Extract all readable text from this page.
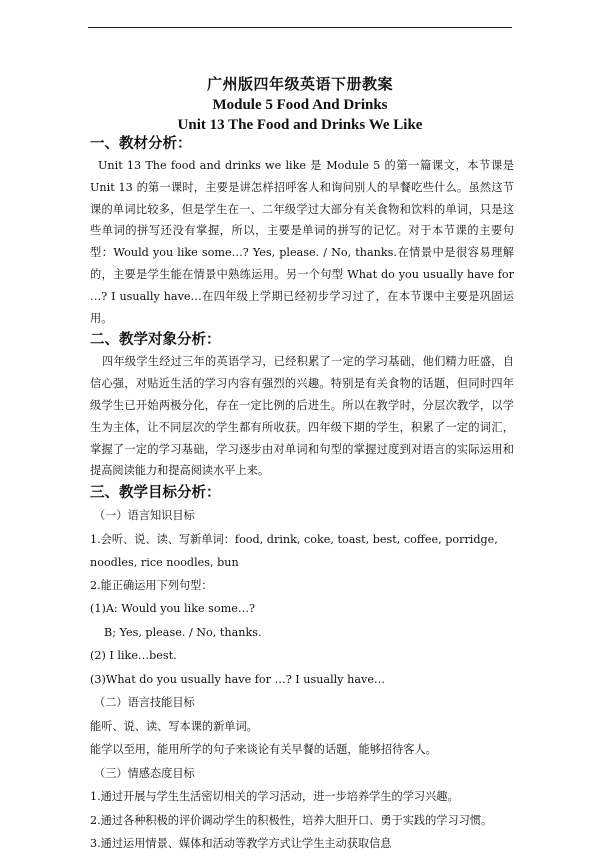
广州版四年级英语下册教案
Module 5 Food And Drinks
Unit 13 The Food and Drinks We Like
一、教材分析：
Unit 13 The food and drinks we like 是 Module 5 的第一篇课文，本节课是 Unit 13 的第一课时，主要是讲怎样招呼客人和询问别人的早餐吃些什么。虽然这节课的单词比较多，但是学生在一、二年级学过大部分有关食物和饮料的单词，只是这些单词的拼写还没有掌握，所以，主要是单词的拼写的记忆。对于本节课的主要句型：Would you like some…? Yes, please. / No, thanks.在情景中是很容易理解的，主要是学生能在情景中熟练运用。另一个句型 What do you usually have for …? I usually have…在四年级上学期已经初步学习过了，在本节课中主要是巩固运用。
二、教学对象分析：
四年级学生经过三年的英语学习，已经积累了一定的学习基础，他们精力旺盛，自信心强，对贴近生活的学习内容有强烈的兴趣。特别是有关食物的话题，但同时四年级学生已开始两极分化，存在一定比例的后进生。所以在教学时，分层次教学，以学生为主体，让不同层次的学生都有所收获。四年级下期的学生，积累了一定的词汇，掌握了一定的学习基础，学习逐步由对单词和句型的掌握过度到对语言的实际运用和提高阅读能力和提高阅读水平上来。
三、教学目标分析：
（一）语言知识目标
1.会听、说、读、写新单词：food, drink, coke, toast, best, coffee, porridge, noodles, rice noodles, bun
2.能正确运用下列句型：
(1)A: Would you like some…?
B; Yes, please. / No, thanks.
(2) I like…best.
(3)What do you usually have for …? I usually have…
（二）语言技能目标
能听、说、读、写本课的新单词。
能学以至用，能用所学的句子来谈论有关早餐的话题，能够招待客人。
（三）情感态度目标
1.通过开展与学生生活密切相关的学习活动，进一步培养学生的学习兴趣。
2.通过各种积极的评价调动学生的积极性，培养大胆开口、勇于实践的学习习惯。
3.通过运用情景、媒体和活动等教学方式让学生主动获取信息
